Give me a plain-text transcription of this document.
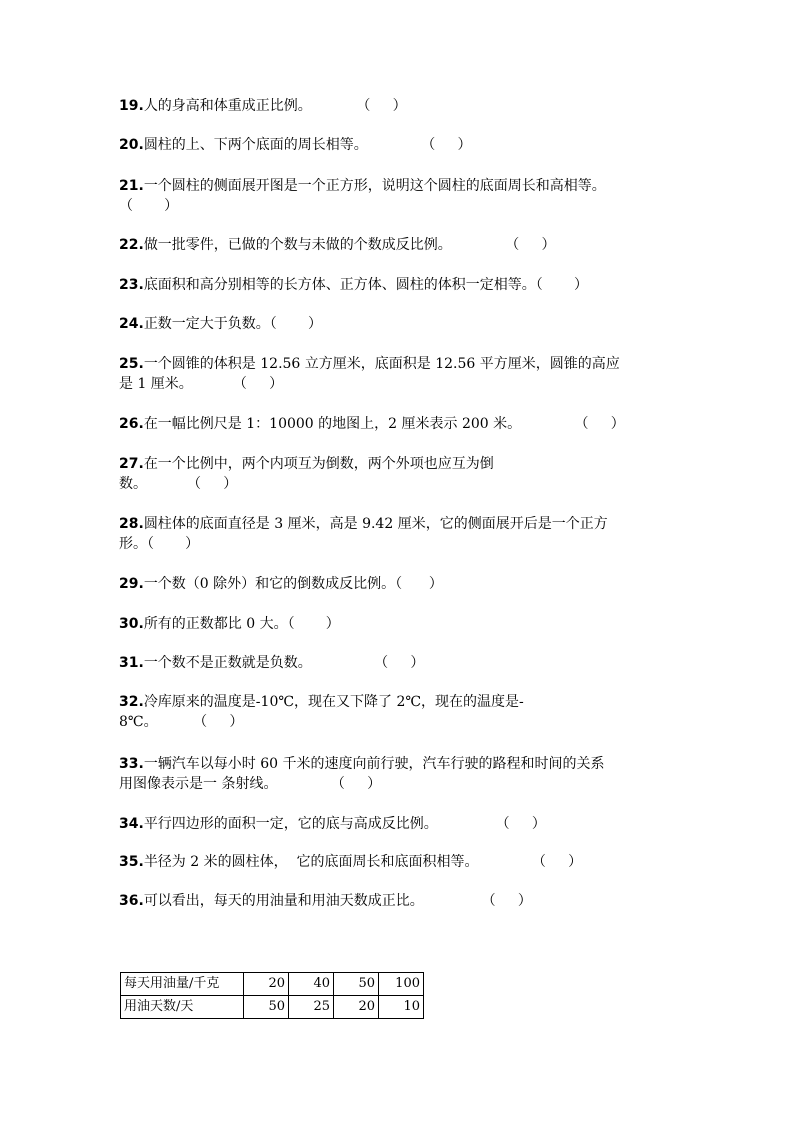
19.人的身高和体重成正比例。          （     ）
20.圆柱的上、下两个底面的周长相等。            （     ）
21.一个圆柱的侧面展开图是一个正方形，说明这个圆柱的底面周长和高相等。
（       ）
22.做一批零件，已做的个数与未做的个数成反比例。            （     ）
23.底面积和高分别相等的长方体、正方体、圆柱的体积一定相等。（       ）
24.正数一定大于负数。（       ）
25.一个圆锥的体积是 12.56 立方厘米，底面积是 12.56 平方厘米，圆锥的高应
是 1 厘米。         （     ）
26.在一幅比例尺是 1：10000 的地图上，2 厘米表示 200 米。            （     ）
27.在一个比例中，两个内项互为倒数，两个外项也应互为倒
数。         （     ）
28.圆柱体的底面直径是 3 厘米，高是 9.42 厘米，它的侧面展开后是一个正方
形。（       ）
29.一个数（0 除外）和它的倒数成反比例。（      ）
30.所有的正数都比 0 大。（       ）
31.一个数不是正数就是负数。              （     ）
32.冷库原来的温度是-10℃，现在又下降了 2℃，现在的温度是-
8℃。        （     ）
33.一辆汽车以每小时 60 千米的速度向前行驶，汽车行驶的路程和时间的关系
用图像表示是一 条射线。            （     ）
34.平行四边形的面积一定，它的底与高成反比例。             （     ）
35.半径为 2 米的圆柱体，  它的底面周长和底面积相等。            （     ）
36.可以看出，每天的用油量和用油天数成正比。             （     ）
每天用油量/千克	20	40	50	100
用油天数/天	50	25	20	10
